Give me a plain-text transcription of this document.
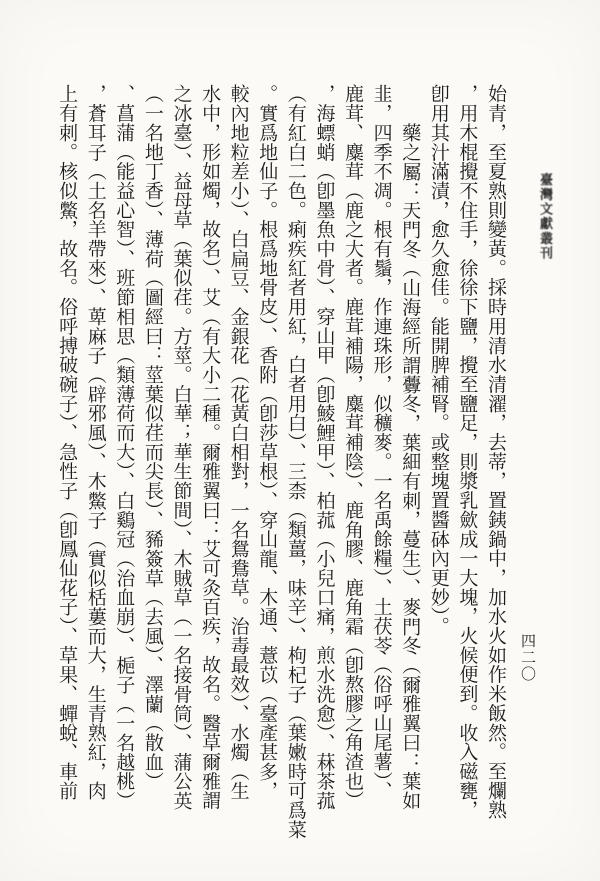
臺灣文獻叢刊
四二〇
始青，至夏熟則變黃。採時用清水清濯，去蒂，置銕鍋中，加水火如作米飯然。至爛熟
，用木棍攪不住手，徐徐下鹽，攪至鹽足，則漿乳歛成一大塊，火候便到。收入磁甕，
卽用其汁滿漬，愈久愈佳。能開脾補腎。或整塊置醬砵內更妙）。
藥之屬：天門冬（山海經所謂虋冬，葉細有刺，蔓生）、麥門冬（爾雅翼曰：葉如
韭，四季不凋。根有鬚，作連珠形，似穬麥。一名禹餘糧）、土茯苓（俗呼山尾薯）、
鹿茸、麋茸（鹿之大者。鹿茸補陽，麋茸補陰）、鹿角膠、鹿角霜（卽熬膠之角渣也）
，海螵蛸（卽墨魚中骨）、穿山甲（卽鯪鯉甲）、柏菰（小兒口痛，煎水洗愈）、菻茶菰
（有紅白二色。痢疾紅者用紅，白者用白）、三柰（類薑，味辛）、枸杞子（葉嫩時可爲菜
。實爲地仙子。根爲地骨皮）、香附（卽莎草根）、穿山龍、木通、薏苡（臺產甚多，
較內地粒差小）、白扁豆、金銀花（花黃白相對，一名鴛鴦草。治毒最效）、水燭（生
水中，形如燭，故名）、艾（有大小二種。爾雅翼曰：艾可灸百疾，故名。醫草爾雅謂
之冰臺）、益母草（葉似荏。方莖。白華；華生節間）、木賊草（一名接骨筒）、蒲公英
（一名地丁香）、薄荷（圖經曰：莖葉似荏而尖長）、豨簽草（去風）、澤蘭（散血）
、菖蒲（能益心智）、班節相思（類薄荷而大）、白鷄冠（治血崩）、梔子（一名越桃）
，蒼耳子（土名羊帶來）、萆麻子（辟邪風）、木鱉子（實似栝蔞而大，生青熟紅，肉
上有刺。核似鱉，故名。俗呼搏破碗子）、急性子（卽鳳仙花子）、草果、蟬蛻、車前
